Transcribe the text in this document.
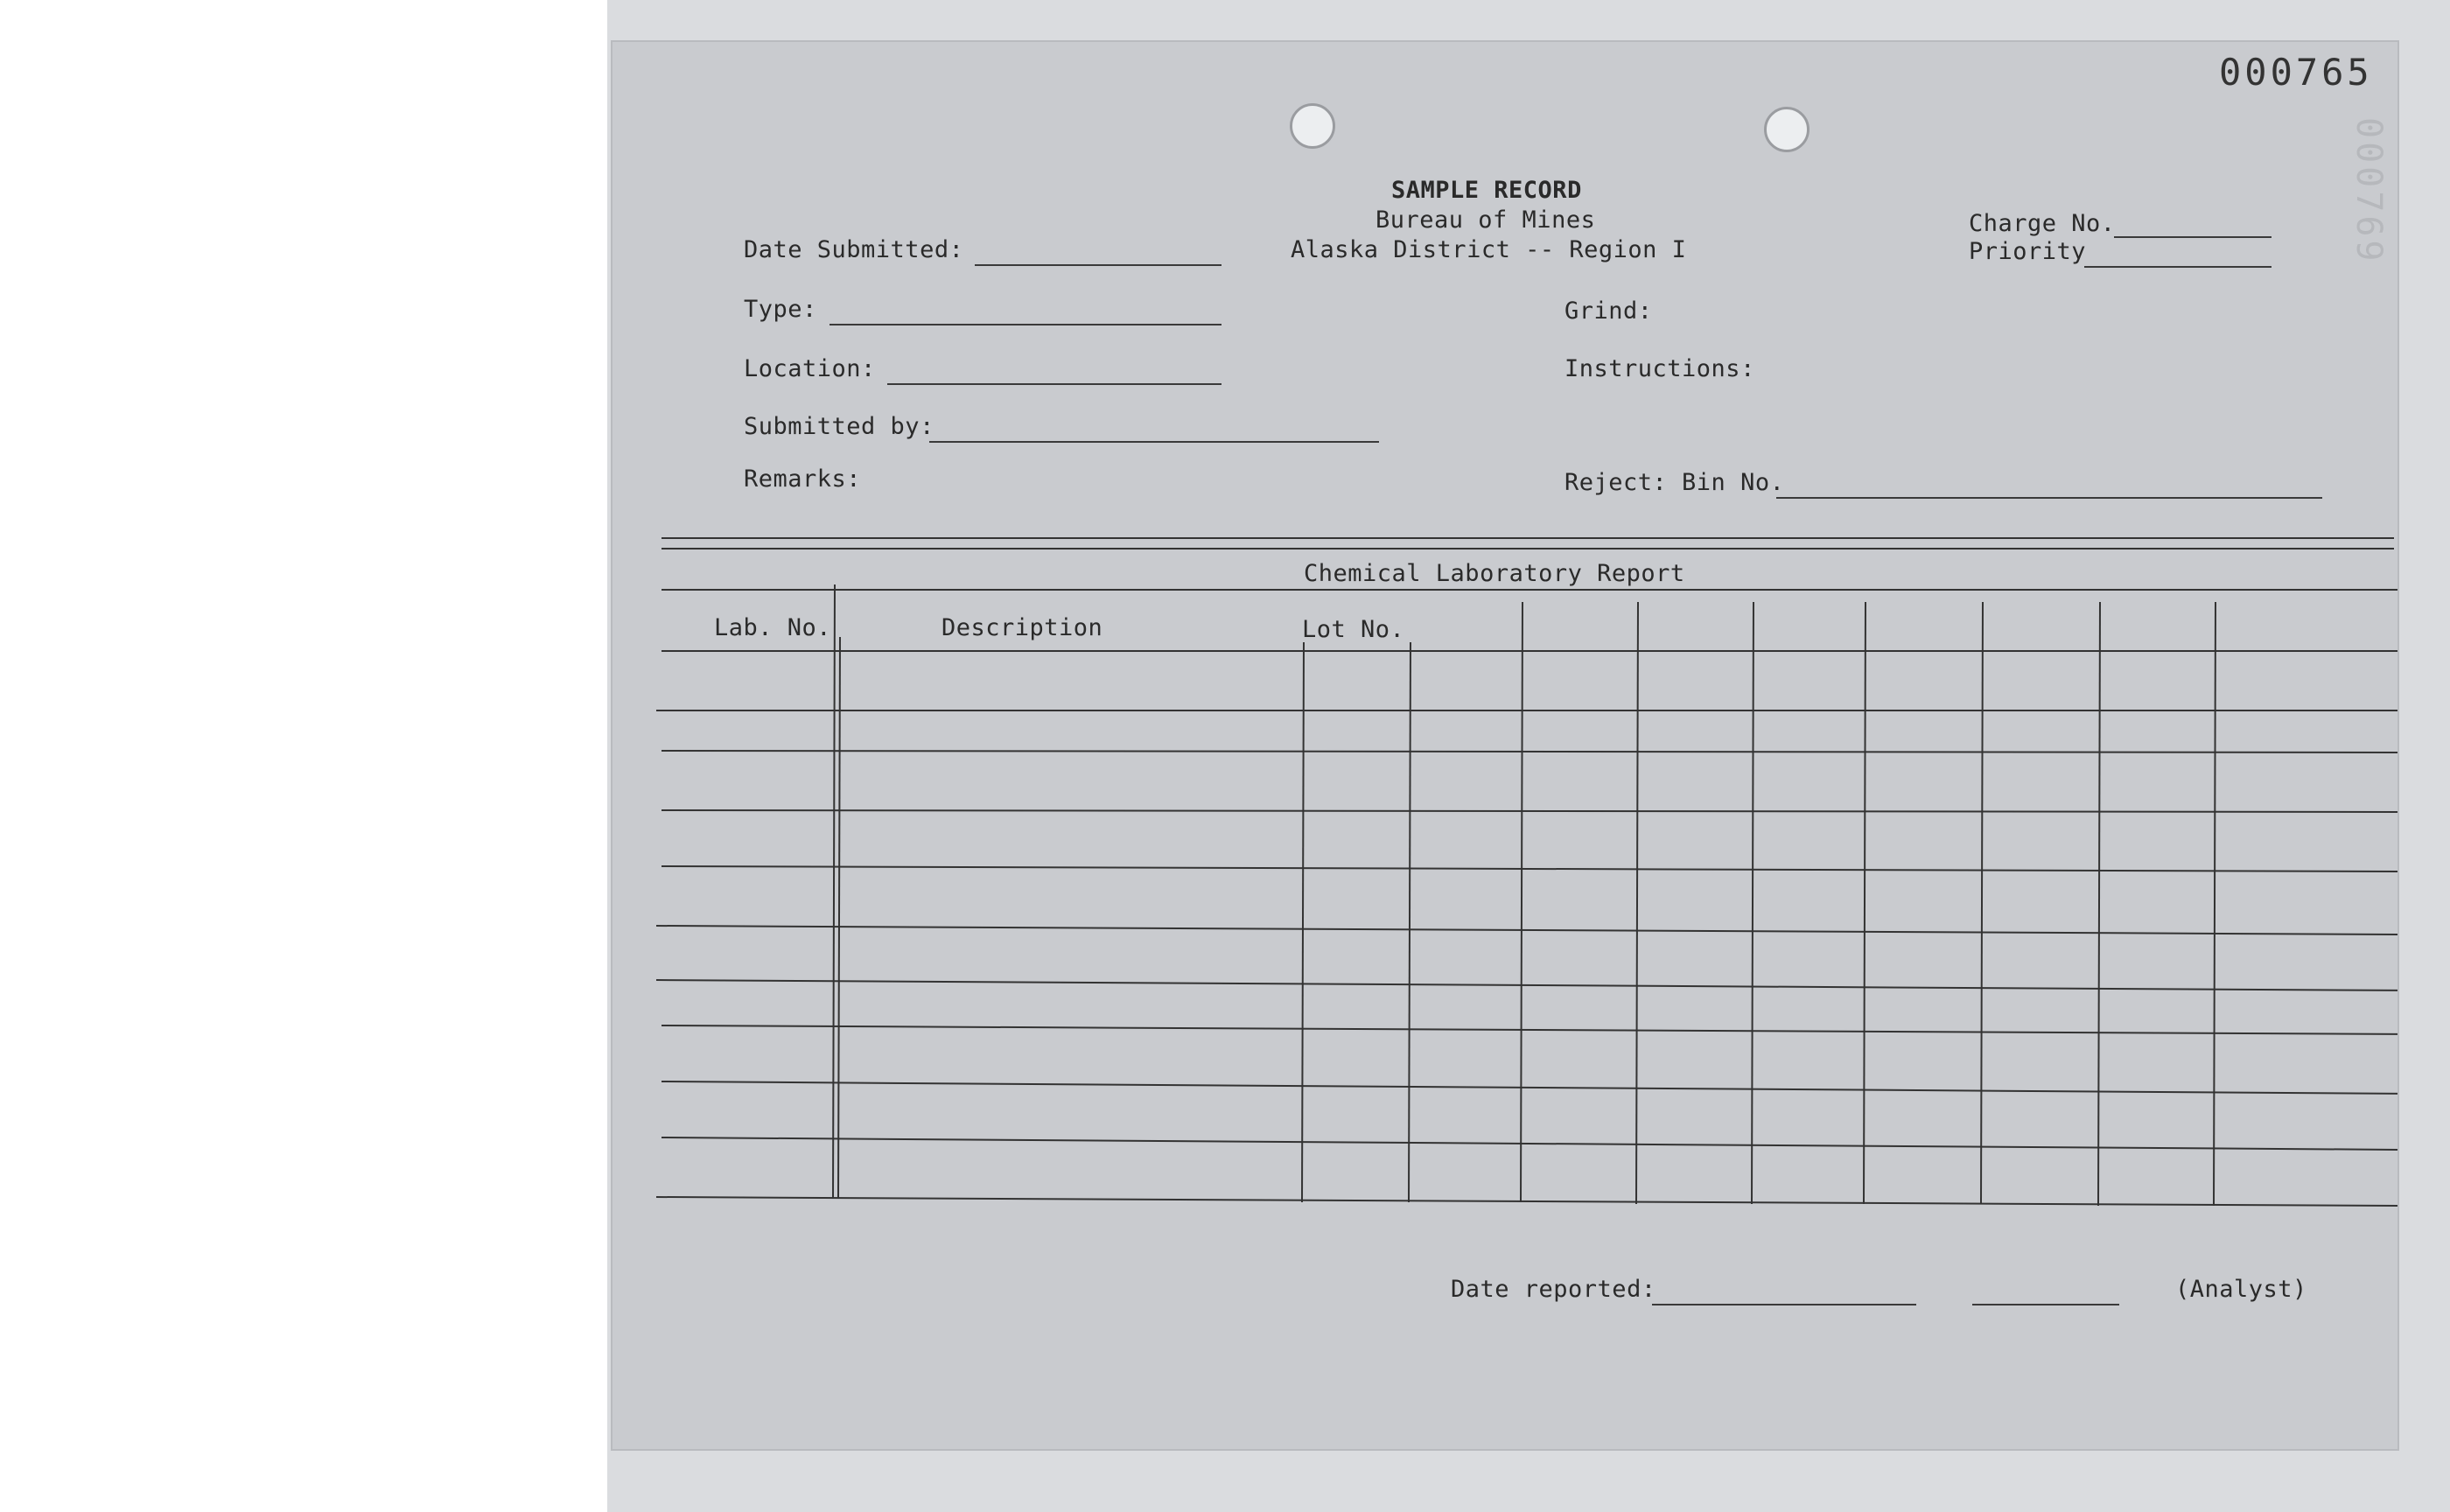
000765
000769
SAMPLE RECORD
Bureau of Mines
Alaska District -- Region I
Date Submitted:
Charge No.
Priority
Type:	Grind:
Location:	Instructions:
Submitted by:
Remarks:	Reject: Bin No.
Chemical Laboratory Report
Lab. No.	Description	Lot No.
Date reported:	(Analyst)
